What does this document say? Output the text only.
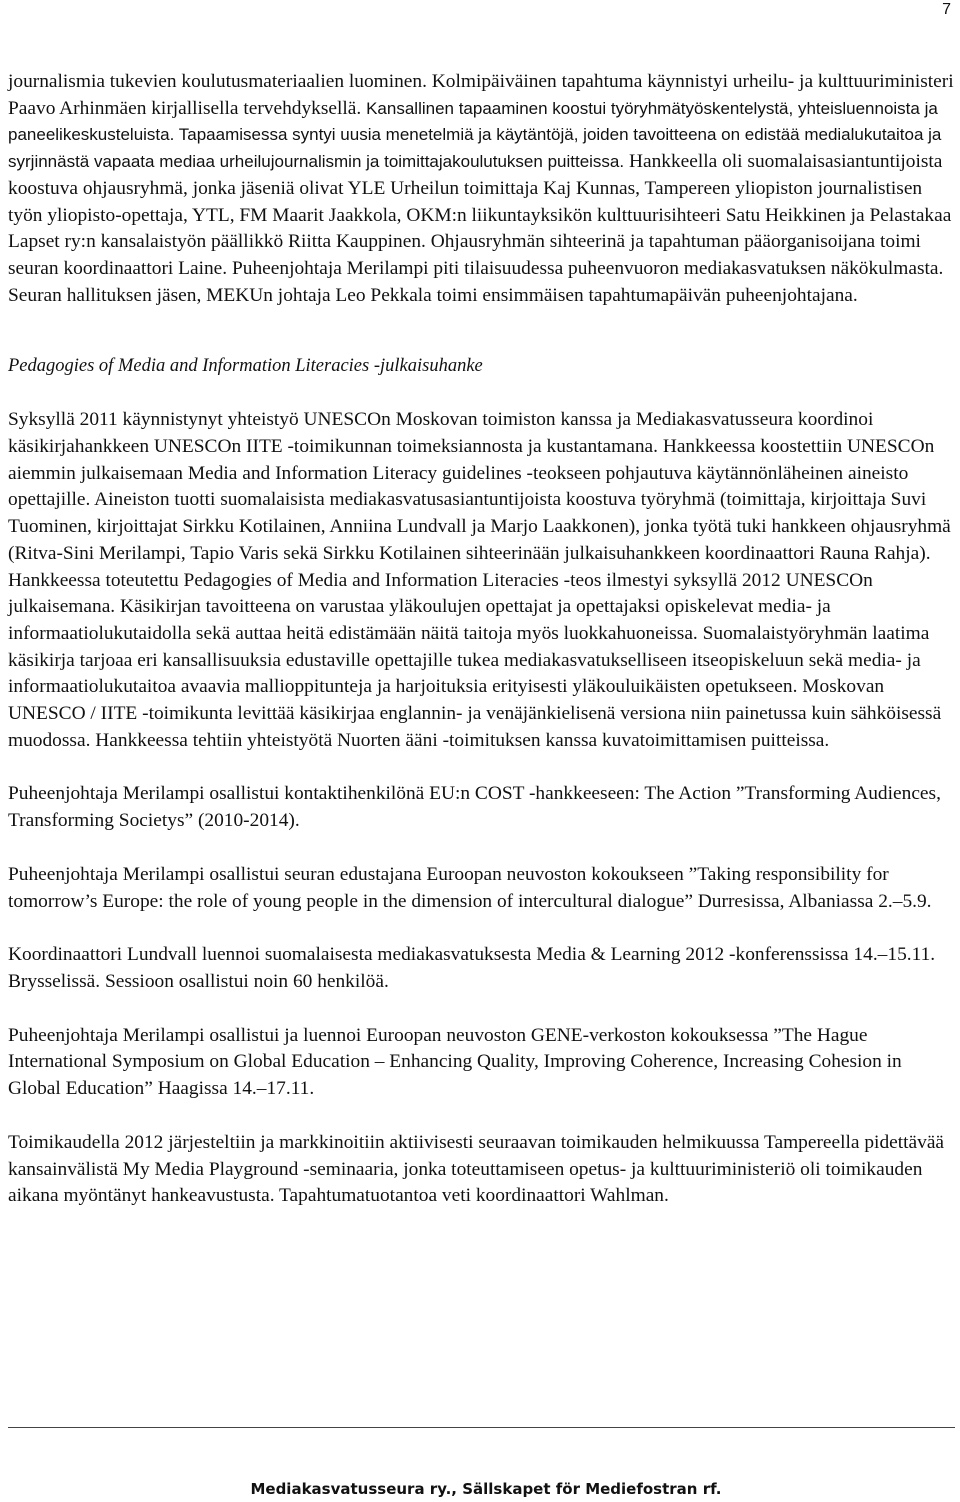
7

journalismia tukevien koulutusmateriaalien luominen. Kolmipäiväinen tapahtuma käynnistyi urheilu- ja kulttuuriministeri Paavo Arhinmäen kirjallisella tervehdyksellä. Kansallinen tapaaminen koostui työryhmätyöskentelystä, yhteisluennoista ja paneelikeskusteluista. Tapaamisessa syntyi uusia menetelmiä ja käytäntöjä, joiden tavoitteena on edistää medialukutaitoa ja syrjinnästä vapaata mediaa urheilujournalismin ja toimittajakoulutuksen puitteissa. Hankkeella oli suomalaisasiantuntijoista koostuva ohjausryhmä, jonka jäseniä olivat YLE Urheilun toimittaja Kaj Kunnas, Tampereen yliopiston journalistisen työn yliopisto-opettaja, YTL, FM Maarit Jaakkola, OKM:n liikuntayksikön kulttuurisihteeri Satu Heikkinen ja Pelastakaa Lapset ry:n kansalaistyön päällikkö Riitta Kauppinen. Ohjausryhmän sihteerinä ja tapahtuman pääorganisoijana toimi seuran koordinaattori Laine. Puheenjohtaja Merilampi piti tilaisuudessa puheenvuoron mediakasvatuksen näkökulmasta. Seuran hallituksen jäsen, MEKUn johtaja Leo Pekkala toimi ensimmäisen tapahtumapäivän puheenjohtajana.

Pedagogies of Media and Information Literacies -julkaisuhanke

Syksyllä 2011 käynnistynyt yhteistyö UNESCOn Moskovan toimiston kanssa ja Mediakasvatusseura koordinoi käsikirjahankkeen UNESCOn IITE -toimikunnan toimeksiannosta ja kustantamana. Hankkeessa koostettiin UNESCOn aiemmin julkaisemaan Media and Information Literacy guidelines -teokseen pohjautuva käytännönläheinen aineisto opettajille. Aineiston tuotti suomalaisista mediakasvatusasiantuntijoista koostuva työryhmä (toimittaja, kirjoittaja Suvi Tuominen, kirjoittajat Sirkku Kotilainen, Anniina Lundvall ja Marjo Laakkonen), jonka työtä tuki hankkeen ohjausryhmä (Ritva-Sini Merilampi, Tapio Varis sekä Sirkku Kotilainen sihteerinään julkaisuhankkeen koordinaattori Rauna Rahja). Hankkeessa toteutettu Pedagogies of Media and Information Literacies -teos ilmestyi syksyllä 2012 UNESCOn julkaisemana. Käsikirjan tavoitteena on varustaa yläkoulujen opettajat ja opettajaksi opiskelevat media- ja informaatiolukutaidolla sekä auttaa heitä edistämään näitä taitoja myös luokkahuoneissa. Suomalaistyöryhmän laatima käsikirja tarjoaa eri kansallisuuksia edustaville opettajille tukea mediakasvatukselliseen itseopiskeluun sekä media- ja informaatiolukutaitoa avaavia mallioppitunteja ja harjoituksia erityisesti yläkouluikäisten opetukseen. Moskovan UNESCO / IITE -toimikunta levittää käsikirjaa englannin- ja venäjänkielisenä versiona niin painetussa kuin sähköisessä muodossa. Hankkeessa tehtiin yhteistyötä Nuorten ääni -toimituksen kanssa kuvatoimittamisen puitteissa.

Puheenjohtaja Merilampi osallistui kontaktihenkilönä EU:n COST -hankkeeseen: The Action ”Transforming Audiences, Transforming Societys” (2010-2014).

Puheenjohtaja Merilampi osallistui seuran edustajana Euroopan neuvoston kokoukseen ”Taking responsibility for tomorrow’s Europe: the role of young people in the dimension of intercultural dialogue” Durresissa, Albaniassa 2.–5.9.

Koordinaattori Lundvall luennoi suomalaisesta mediakasvatuksesta Media & Learning 2012 -konferenssissa 14.–15.11. Brysselissä. Sessioon osallistui noin 60 henkilöä.

Puheenjohtaja Merilampi osallistui ja luennoi Euroopan neuvoston GENE-verkoston kokouksessa ”The Hague International Symposium on Global Education – Enhancing Quality, Improving Coherence, Increasing Cohesion in Global Education” Haagissa 14.–17.11.

Toimikaudella 2012 järjesteltiin ja markkinoitiin aktiivisesti seuraavan toimikauden helmikuussa Tampereella pidettävää kansainvälistä My Media Playground -seminaaria, jonka toteuttamiseen opetus- ja kulttuuriministeriö oli toimikauden aikana myöntänyt hankeavustusta. Tapahtumatuotantoa veti koordinaattori Wahlman.

Mediakasvatusseura ry., Sällskapet för Mediefostran rf.
